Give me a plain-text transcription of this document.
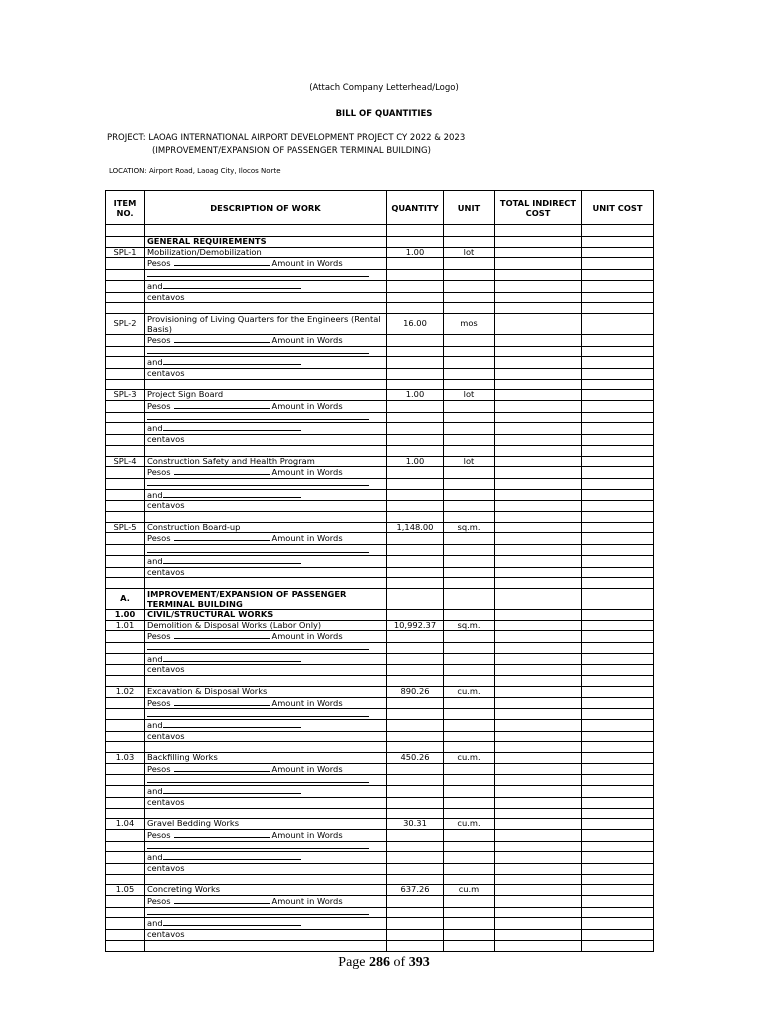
(Attach Company Letterhead/Logo)
BILL OF QUANTITIES
PROJECT: LAOAG INTERNATIONAL AIRPORT DEVELOPMENT PROJECT CY 2022 & 2023
(IMPROVEMENT/EXPANSION OF PASSENGER TERMINAL BUILDING)
LOCATION: Airport Road, Laoag City, Ilocos Norte
ITEM NO.	DESCRIPTION OF WORK	QUANTITY	UNIT	TOTAL INDIRECT COST	UNIT COST

	GENERAL REQUIREMENTS				
SPL-1	Mobilization/Demobilization	1.00	lot		
	Pesos Amount in Words				

	and				
	centavos				

SPL-2	Provisioning of Living Quarters for the Engineers (Rental Basis)	16.00	mos		
	Pesos Amount in Words				

	and				
	centavos				

SPL-3	Project Sign Board	1.00	lot		
	Pesos Amount in Words				

	and				
	centavos				

SPL-4	Construction Safety and Health Program	1.00	lot		
	Pesos Amount in Words				

	and				
	centavos				

SPL-5	Construction Board-up	1,148.00	sq.m.		
	Pesos Amount in Words				

	and				
	centavos				

A.	IMPROVEMENT/EXPANSION OF PASSENGER TERMINAL BUILDING				
1.00	CIVIL/STRUCTURAL WORKS				
1.01	Demolition & Disposal Works (Labor Only)	10,992.37	sq.m.		
	Pesos Amount in Words				

	and				
	centavos				

1.02	Excavation & Disposal Works	890.26	cu.m.		
	Pesos Amount in Words				

	and				
	centavos				

1.03	Backfilling Works	450.26	cu.m.		
	Pesos Amount in Words				

	and				
	centavos				

1.04	Gravel Bedding Works	30.31	cu.m.		
	Pesos Amount in Words				

	and				
	centavos				

1.05	Concreting Works	637.26	cu.m		
	Pesos Amount in Words				

	and				
	centavos				

Page 286 of 393
